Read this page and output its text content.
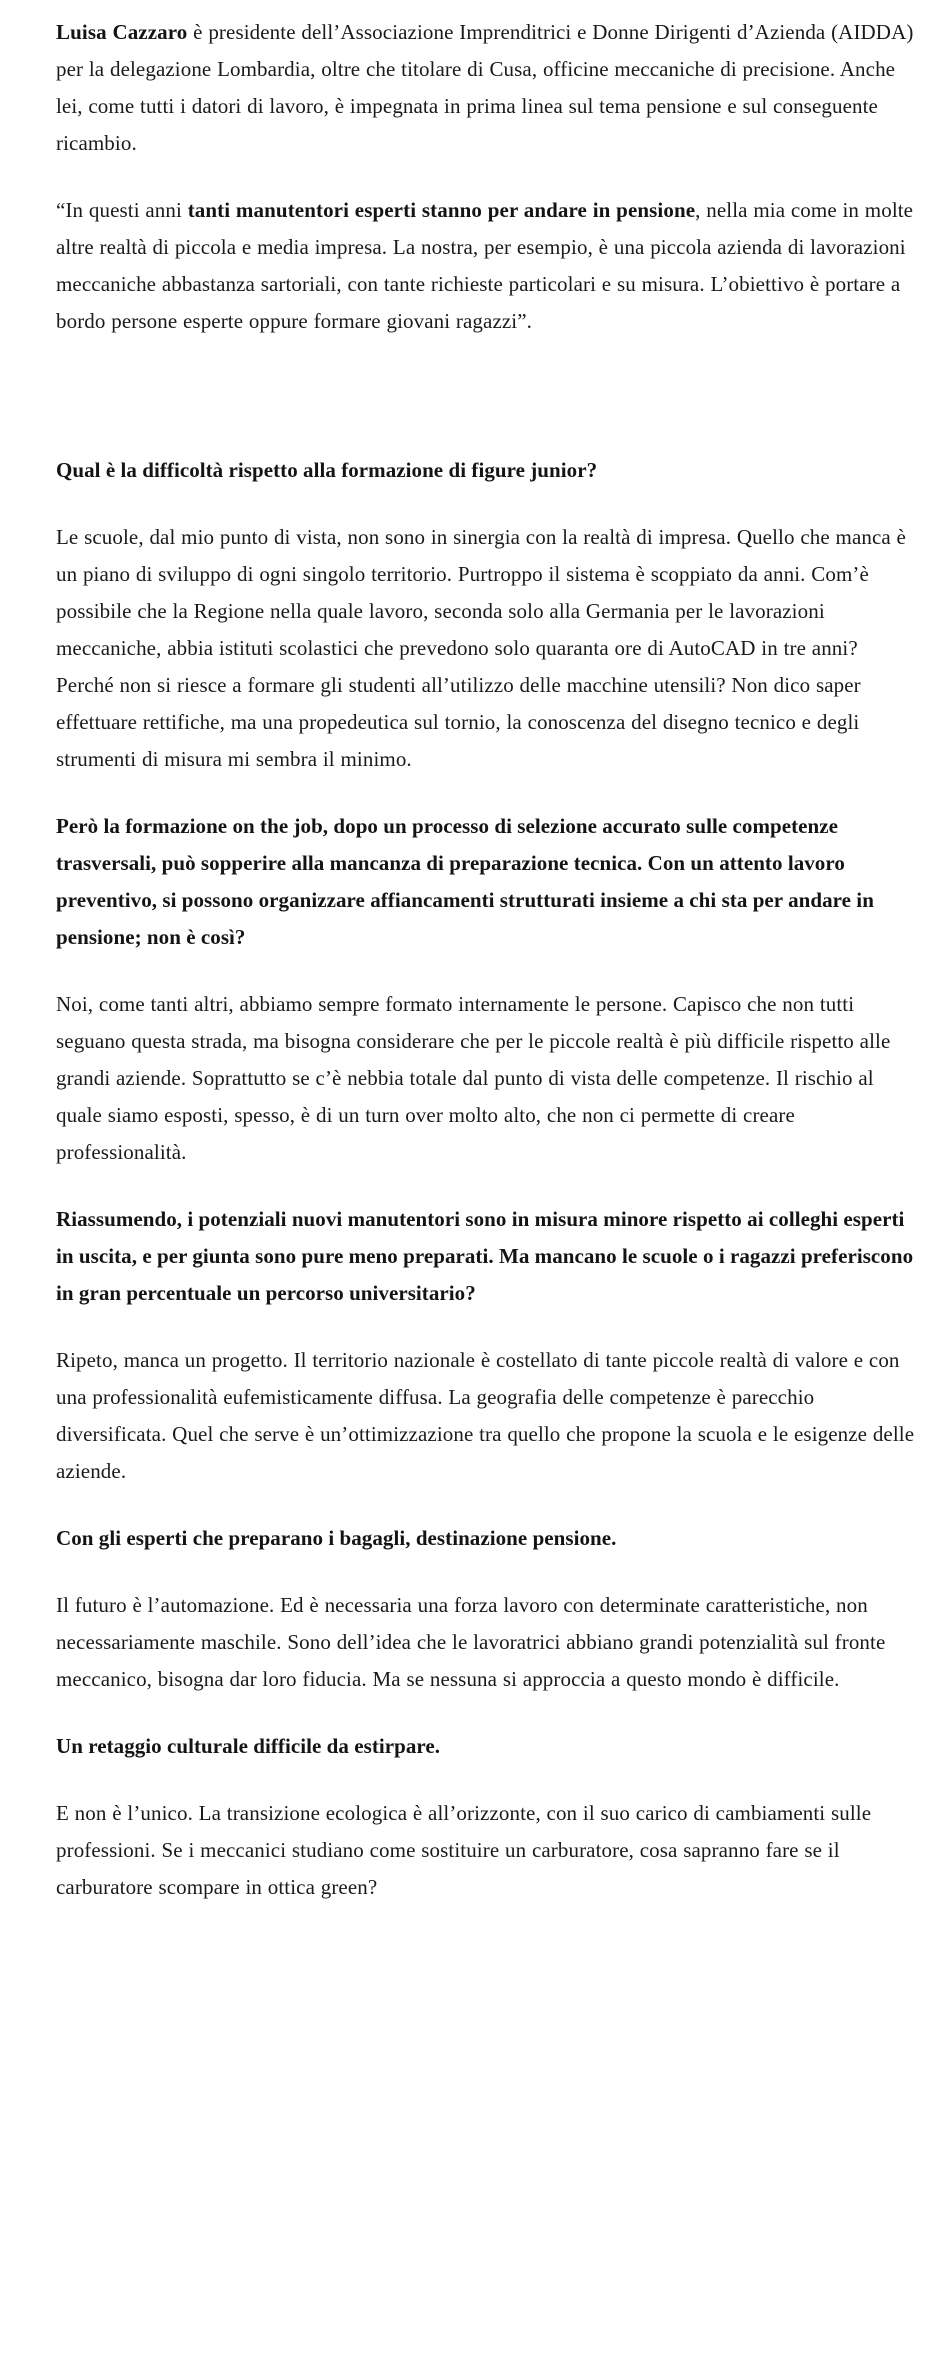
Luisa Cazzaro è presidente dell’Associazione Imprenditrici e Donne Dirigenti d’Azienda (AIDDA) per la delegazione Lombardia, oltre che titolare di Cusa, officine meccaniche di precisione. Anche lei, come tutti i datori di lavoro, è impegnata in prima linea sul tema pensione e sul conseguente ricambio.

“In questi anni tanti manutentori esperti stanno per andare in pensione, nella mia come in molte altre realtà di piccola e media impresa. La nostra, per esempio, è una piccola azienda di lavorazioni meccaniche abbastanza sartoriali, con tante richieste particolari e su misura. L’obiettivo è portare a bordo persone esperte oppure formare giovani ragazzi”.

Qual è la difficoltà rispetto alla formazione di figure junior?

Le scuole, dal mio punto di vista, non sono in sinergia con la realtà di impresa. Quello che manca è un piano di sviluppo di ogni singolo territorio. Purtroppo il sistema è scoppiato da anni. Com’è possibile che la Regione nella quale lavoro, seconda solo alla Germania per le lavorazioni meccaniche, abbia istituti scolastici che prevedono solo quaranta ore di AutoCAD in tre anni? Perché non si riesce a formare gli studenti all’utilizzo delle macchine utensili? Non dico saper effettuare rettifiche, ma una propedeutica sul tornio, la conoscenza del disegno tecnico e degli strumenti di misura mi sembra il minimo.

Però la formazione on the job, dopo un processo di selezione accurato sulle competenze trasversali, può sopperire alla mancanza di preparazione tecnica. Con un attento lavoro preventivo, si possono organizzare affiancamenti strutturati insieme a chi sta per andare in pensione; non è così?

Noi, come tanti altri, abbiamo sempre formato internamente le persone. Capisco che non tutti seguano questa strada, ma bisogna considerare che per le piccole realtà è più difficile rispetto alle grandi aziende. Soprattutto se c’è nebbia totale dal punto di vista delle competenze. Il rischio al quale siamo esposti, spesso, è di un turn over molto alto, che non ci permette di creare professionalità.

Riassumendo, i potenziali nuovi manutentori sono in misura minore rispetto ai colleghi esperti in uscita, e per giunta sono pure meno preparati. Ma mancano le scuole o i ragazzi preferiscono in gran percentuale un percorso universitario?

Ripeto, manca un progetto. Il territorio nazionale è costellato di tante piccole realtà di valore e con una professionalità eufemisticamente diffusa. La geografia delle competenze è parecchio diversificata. Quel che serve è un’ottimizzazione tra quello che propone la scuola e le esigenze delle aziende.

Con gli esperti che preparano i bagagli, destinazione pensione.

Il futuro è l’automazione. Ed è necessaria una forza lavoro con determinate caratteristiche, non necessariamente maschile. Sono dell’idea che le lavoratrici abbiano grandi potenzialità sul fronte meccanico, bisogna dar loro fiducia. Ma se nessuna si approccia a questo mondo è difficile.

Un retaggio culturale difficile da estirpare.

E non è l’unico. La transizione ecologica è all’orizzonte, con il suo carico di cambiamenti sulle professioni. Se i meccanici studiano come sostituire un carburatore, cosa sapranno fare se il carburatore scompare in ottica green?
